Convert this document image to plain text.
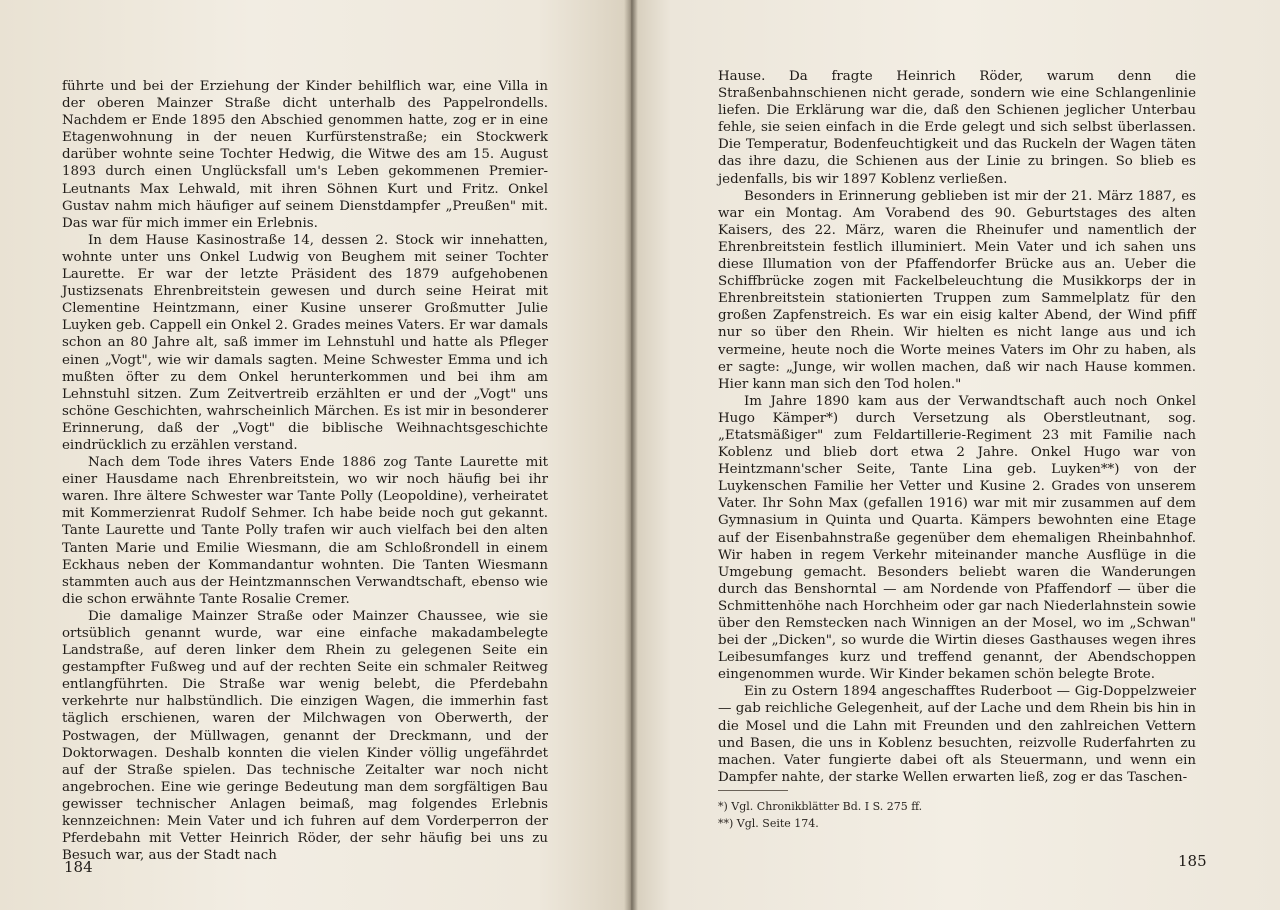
führte und bei der Erziehung der Kinder behilflich war, eine Villa in der oberen Mainzer Straße dicht unterhalb des Pappelrondells. Nachdem er Ende 1895 den Abschied genommen hatte, zog er in eine Etagenwohnung in der neuen Kurfürstenstraße; ein Stockwerk darüber wohnte seine Tochter Hedwig, die Witwe des am 15. August 1893 durch einen Unglücksfall um's Leben gekommenen Premier-Leutnants Max Lehwald, mit ihren Söhnen Kurt und Fritz. Onkel Gustav nahm mich häufiger auf seinem Dienstdampfer „Preußen" mit. Das war für mich immer ein Erlebnis.

In dem Hause Kasinostraße 14, dessen 2. Stock wir innehatten, wohnte unter uns Onkel Ludwig von Beughem mit seiner Tochter Laurette. Er war der letzte Präsident des 1879 aufgehobenen Justizsenats Ehrenbreitstein gewesen und durch seine Heirat mit Clementine Heintzmann, einer Kusine unserer Großmutter Julie Luyken geb. Cappell ein Onkel 2. Grades meines Vaters. Er war damals schon an 80 Jahre alt, saß immer im Lehnstuhl und hatte als Pfleger einen „Vogt", wie wir damals sagten. Meine Schwester Emma und ich mußten öfter zu dem Onkel herunterkommen und bei ihm am Lehnstuhl sitzen. Zum Zeitvertreib erzählten er und der „Vogt" uns schöne Geschichten, wahrscheinlich Märchen. Es ist mir in besonderer Erinnerung, daß der „Vogt" die biblische Weihnachtsgeschichte eindrücklich zu erzählen verstand.

Nach dem Tode ihres Vaters Ende 1886 zog Tante Laurette mit einer Hausdame nach Ehrenbreitstein, wo wir noch häufig bei ihr waren. Ihre ältere Schwester war Tante Polly (Leopoldine), verheiratet mit Kommerzienrat Rudolf Sehmer. Ich habe beide noch gut gekannt. Tante Laurette und Tante Polly trafen wir auch vielfach bei den alten Tanten Marie und Emilie Wiesmann, die am Schloßrondell in einem Eckhaus neben der Kommandantur wohnten. Die Tanten Wiesmann stammten auch aus der Heintzmannschen Verwandtschaft, ebenso wie die schon erwähnte Tante Rosalie Cremer.

Die damalige Mainzer Straße oder Mainzer Chaussee, wie sie ortsüblich genannt wurde, war eine einfache makadambelegte Landstraße, auf deren linker dem Rhein zu gelegenen Seite ein gestampfter Fußweg und auf der rechten Seite ein schmaler Reitweg entlangführten. Die Straße war wenig belebt, die Pferdebahn verkehrte nur halbstündlich. Die einzigen Wagen, die immerhin fast täglich erschienen, waren der Milchwagen von Oberwerth, der Postwagen, der Müllwagen, genannt der Dreckmann, und der Doktorwagen. Deshalb konnten die vielen Kinder völlig ungefährdet auf der Straße spielen. Das technische Zeitalter war noch nicht angebrochen. Eine wie geringe Bedeutung man dem sorgfältigen Bau gewisser technischer Anlagen beimaß, mag folgendes Erlebnis kennzeichnen: Mein Vater und ich fuhren auf dem Vorderperron der Pferdebahn mit Vetter Heinrich Röder, der sehr häufig bei uns zu Besuch war, aus der Stadt nach

184

Hause. Da fragte Heinrich Röder, warum denn die Straßenbahnschienen nicht gerade, sondern wie eine Schlangenlinie liefen. Die Erklärung war die, daß den Schienen jeglicher Unterbau fehle, sie seien einfach in die Erde gelegt und sich selbst überlassen. Die Temperatur, Bodenfeuchtigkeit und das Ruckeln der Wagen täten das ihre dazu, die Schienen aus der Linie zu bringen. So blieb es jedenfalls, bis wir 1897 Koblenz verließen.

Besonders in Erinnerung geblieben ist mir der 21. März 1887, es war ein Montag. Am Vorabend des 90. Geburtstages des alten Kaisers, des 22. März, waren die Rheinufer und namentlich der Ehrenbreitstein festlich illuminiert. Mein Vater und ich sahen uns diese Illumation von der Pfaffendorfer Brücke aus an. Ueber die Schiffbrücke zogen mit Fackelbeleuchtung die Musikkorps der in Ehrenbreitstein stationierten Truppen zum Sammelplatz für den großen Zapfenstreich. Es war ein eisig kalter Abend, der Wind pfiff nur so über den Rhein. Wir hielten es nicht lange aus und ich vermeine, heute noch die Worte meines Vaters im Ohr zu haben, als er sagte: „Junge, wir wollen machen, daß wir nach Hause kommen. Hier kann man sich den Tod holen."

Im Jahre 1890 kam aus der Verwandtschaft auch noch Onkel Hugo Kämper*) durch Versetzung als Oberstleutnant, sog. „Etatsmäßiger" zum Feldartillerie-Regiment 23 mit Familie nach Koblenz und blieb dort etwa 2 Jahre. Onkel Hugo war von Heintzmann'scher Seite, Tante Lina geb. Luyken**) von der Luykenschen Familie her Vetter und Kusine 2. Grades von unserem Vater. Ihr Sohn Max (gefallen 1916) war mit mir zusammen auf dem Gymnasium in Quinta und Quarta. Kämpers bewohnten eine Etage auf der Eisenbahnstraße gegenüber dem ehemaligen Rheinbahnhof. Wir haben in regem Verkehr miteinander manche Ausflüge in die Umgebung gemacht. Besonders beliebt waren die Wanderungen durch das Benshorntal — am Nordende von Pfaffendorf — über die Schmittenhöhe nach Horchheim oder gar nach Niederlahnstein sowie über den Remstecken nach Winnigen an der Mosel, wo im „Schwan" bei der „Dicken", so wurde die Wirtin dieses Gasthauses wegen ihres Leibesumfanges kurz und treffend genannt, der Abendschoppen eingenommen wurde. Wir Kinder bekamen schön belegte Brote.

Ein zu Ostern 1894 angeschafftes Ruderboot — Gig-Doppelzweier — gab reichliche Gelegenheit, auf der Lache und dem Rhein bis hin in die Mosel und die Lahn mit Freunden und den zahlreichen Vettern und Basen, die uns in Koblenz besuchten, reizvolle Ruderfahrten zu machen. Vater fungierte dabei oft als Steuermann, und wenn ein Dampfer nahte, der starke Wellen erwarten ließ, zog er das Taschen-

*) Vgl. Chronikblätter Bd. I S. 275 ff.
**) Vgl. Seite 174.
185
